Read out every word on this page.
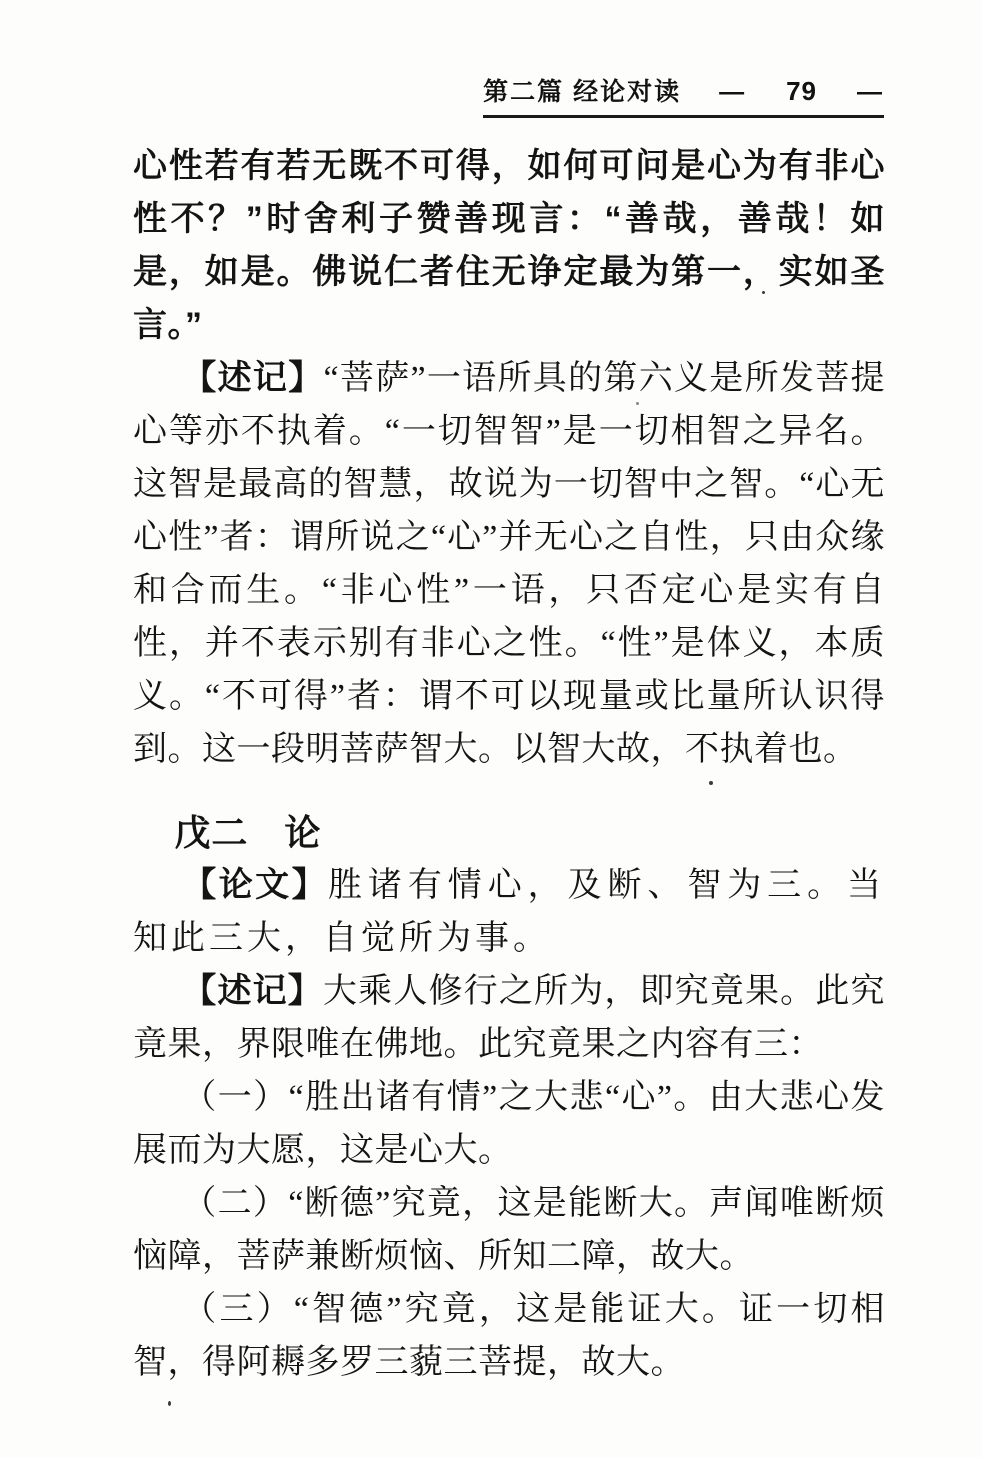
第二篇 经论对读 — 79 —

心性若有若无既不可得，如何可问是心为有非心性不？”时舍利子赞善现言：“善哉，善哉！如是，如是。佛说仁者住无诤定最为第一，实如圣言。”

【述记】“菩萨”一语所具的第六义是所发菩提心等亦不执着。“一切智智”是一切相智之异名。这智是最高的智慧，故说为一切智中之智。“心无心性”者：谓所说之“心”并无心之自性，只由众缘和合而生。“非心性”一语，只否定心是实有自性，并不表示别有非心之性。“性”是体义，本质义。“不可得”者：谓不可以现量或比量所认识得到。这一段明菩萨智大。以智大故，不执着也。

戊二 论

【论文】胜诸有情心，及断、智为三。当知此三大，自觉所为事。

【述记】大乘人修行之所为，即究竟果。此究竟果，界限唯在佛地。此究竟果之内容有三：

（一）“胜出诸有情”之大悲“心”。由大悲心发展而为大愿，这是心大。

（二）“断德”究竟，这是能断大。声闻唯断烦恼障，菩萨兼断烦恼、所知二障，故大。

（三）“智德”究竟，这是能证大。证一切相智，得阿耨多罗三藐三菩提，故大。
